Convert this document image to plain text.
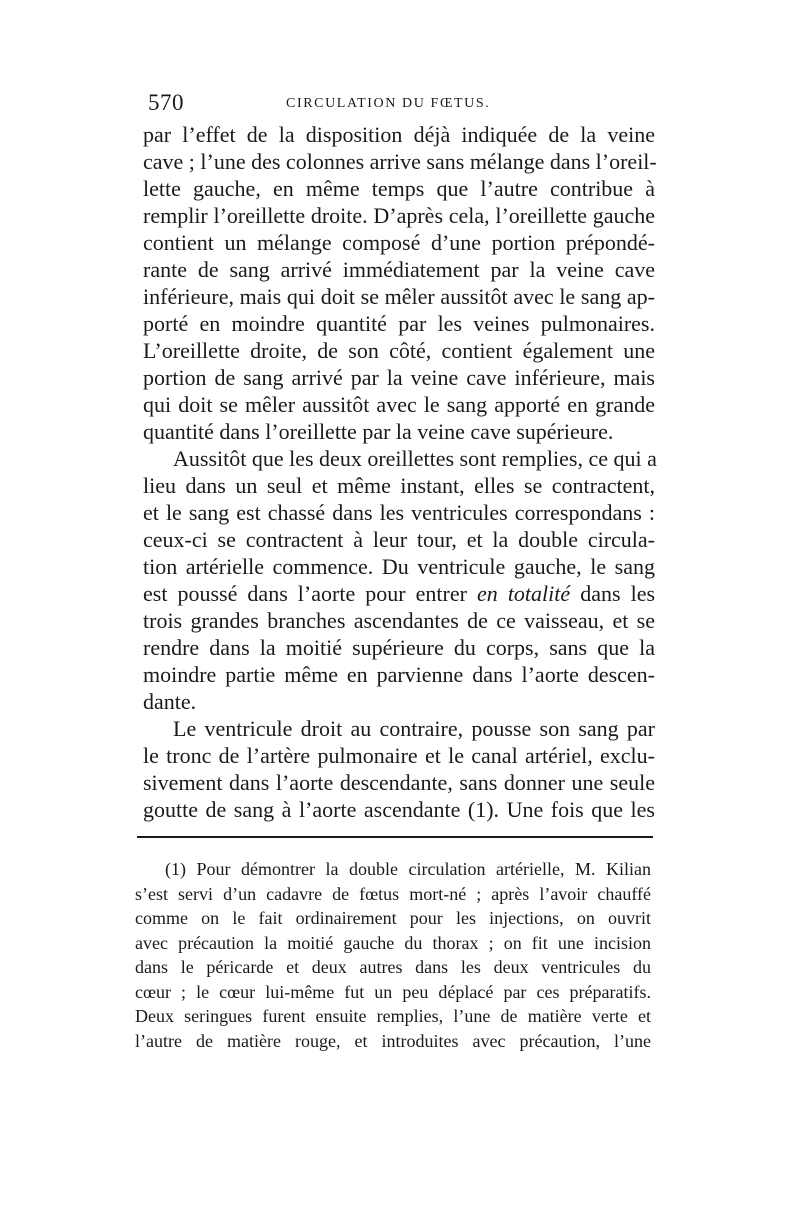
570	CIRCULATION DU FŒTUS.
par l’effet de la disposition déjà indiquée de la veine
cave ; l’une des colonnes arrive sans mélange dans l’oreil-
lette gauche, en même temps que l’autre contribue à
remplir l’oreillette droite. D’après cela, l’oreillette gauche
contient un mélange composé d’une portion prépondé-
rante de sang arrivé immédiatement par la veine cave
inférieure, mais qui doit se mêler aussitôt avec le sang ap-
porté en moindre quantité par les veines pulmonaires.
L’oreillette droite, de son côté, contient également une
portion de sang arrivé par la veine cave inférieure, mais
qui doit se mêler aussitôt avec le sang apporté en grande
quantité dans l’oreillette par la veine cave supérieure.
Aussitôt que les deux oreillettes sont remplies, ce qui a
lieu dans un seul et même instant, elles se contractent,
et le sang est chassé dans les ventricules correspondans :
ceux-ci se contractent à leur tour, et la double circula-
tion artérielle commence. Du ventricule gauche, le sang
est poussé dans l’aorte pour entrer en totalité dans les
trois grandes branches ascendantes de ce vaisseau, et se
rendre dans la moitié supérieure du corps, sans que la
moindre partie même en parvienne dans l’aorte descen-
dante.
Le ventricule droit au contraire, pousse son sang par
le tronc de l’artère pulmonaire et le canal artériel, exclu-
sivement dans l’aorte descendante, sans donner une seule
goutte de sang à l’aorte ascendante (1). Une fois que les
(1) Pour démontrer la double circulation artérielle, M. Kilian
s’est servi d’un cadavre de fœtus mort-né ; après l’avoir chauffé
comme on le fait ordinairement pour les injections, on ouvrit
avec précaution la moitié gauche du thorax ; on fit une incision
dans le péricarde et deux autres dans les deux ventricules du
cœur ; le cœur lui-même fut un peu déplacé par ces préparatifs.
Deux seringues furent ensuite remplies, l’une de matière verte et
l’autre de matière rouge, et introduites avec précaution, l’une
